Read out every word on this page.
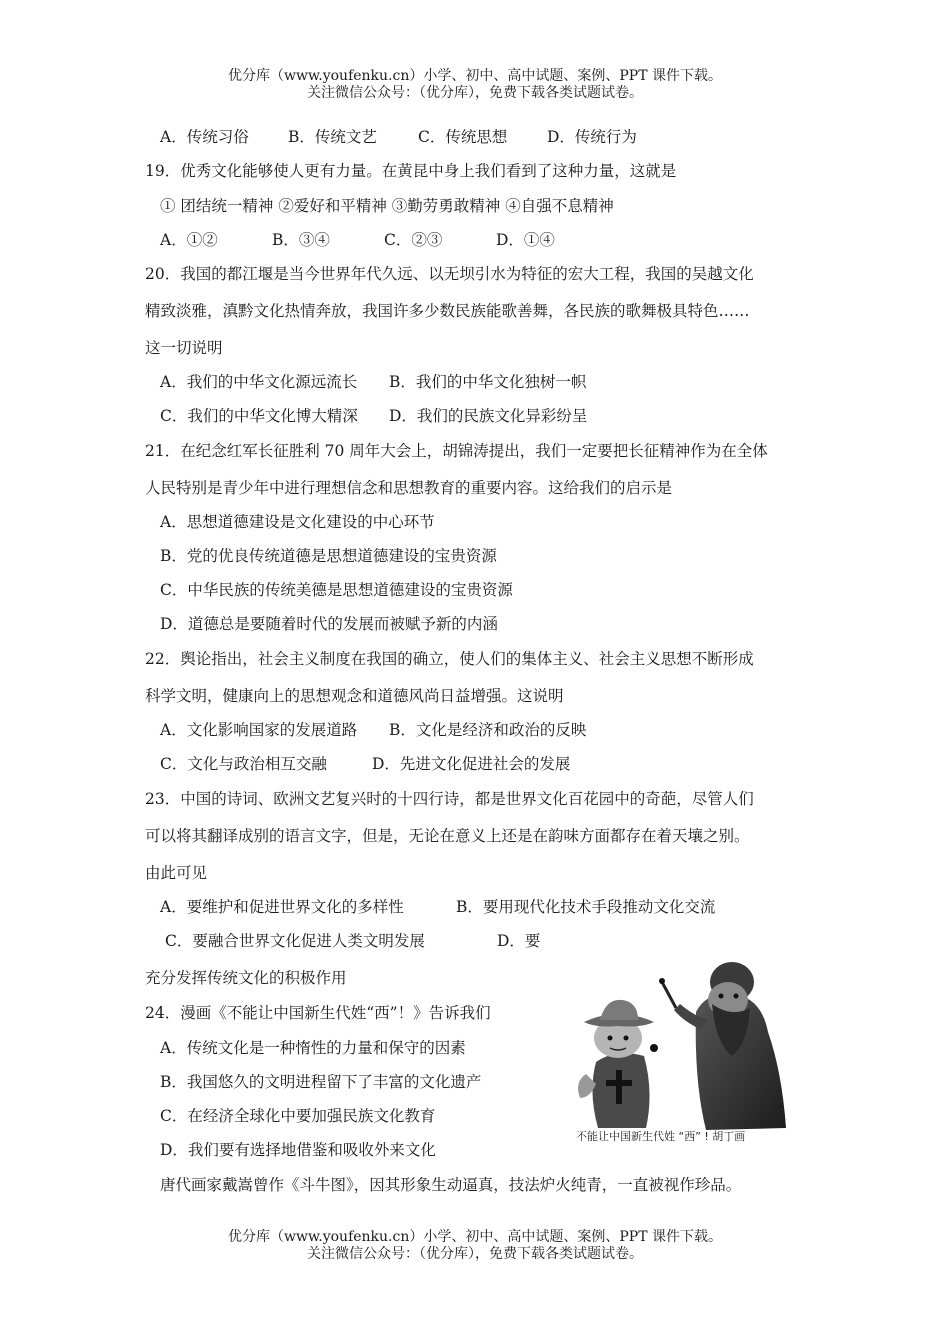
优分库（www.youfenku.cn）小学、初中、高中试题、案例、PPT 课件下载。
关注微信公众号：（优分库），免费下载各类试题试卷。
A．传统习俗	B．传统文艺	C．传统思想	D．传统行为
19．优秀文化能够使人更有力量。在黄昆中身上我们看到了这种力量，这就是
① 团结统一精神 ②爱好和平精神 ③勤劳勇敢精神 ④自强不息精神
A．①②	B．③④	C．②③	D．①④
20．我国的都江堰是当今世界年代久远、以无坝引水为特征的宏大工程，我国的吴越文化
精致淡雅，滇黔文化热情奔放，我国许多少数民族能歌善舞，各民族的歌舞极具特色……
这一切说明
A．我们的中华文化源远流长 B．我们的中华文化独树一帜
C．我们的中华文化博大精深 D．我们的民族文化异彩纷呈
21．在纪念红军长征胜利 70 周年大会上，胡锦涛提出，我们一定要把长征精神作为在全体
人民特别是青少年中进行理想信念和思想教育的重要内容。这给我们的启示是
A．思想道德建设是文化建设的中心环节
B．党的优良传统道德是思想道德建设的宝贵资源
C．中华民族的传统美德是思想道德建设的宝贵资源
D．道德总是要随着时代的发展而被赋予新的内涵
22．舆论指出，社会主义制度在我国的确立，使人们的集体主义、社会主义思想不断形成
科学文明，健康向上的思想观念和道德风尚日益增强。这说明
A．文化影响国家的发展道路 B．文化是经济和政治的反映
C．文化与政治相互交融	D．先进文化促进社会的发展
23．中国的诗词、欧洲文艺复兴时的十四行诗，都是世界文化百花园中的奇葩，尽管人们
可以将其翻译成别的语言文字，但是，无论在意义上还是在韵味方面都存在着天壤之别。
由此可见
A．要维护和促进世界文化的多样性	B．要用现代化技术手段推动文化交流
C．要融合世界文化促进人类文明发展	D．要
充分发挥传统文化的积极作用
24．漫画《不能让中国新生代姓“西”！》告诉我们
A．传统文化是一种惰性的力量和保守的因素
B．我国悠久的文明进程留下了丰富的文化遗产
C．在经济全球化中要加强民族文化教育
D．我们要有选择地借鉴和吸收外来文化
不能让中国新生代姓 “西” ! 胡丁画
唐代画家戴嵩曾作《斗牛图》，因其形象生动逼真，技法炉火纯青，一直被视作珍品。
优分库（www.youfenku.cn）小学、初中、高中试题、案例、PPT 课件下载。
关注微信公众号：（优分库），免费下载各类试题试卷。
